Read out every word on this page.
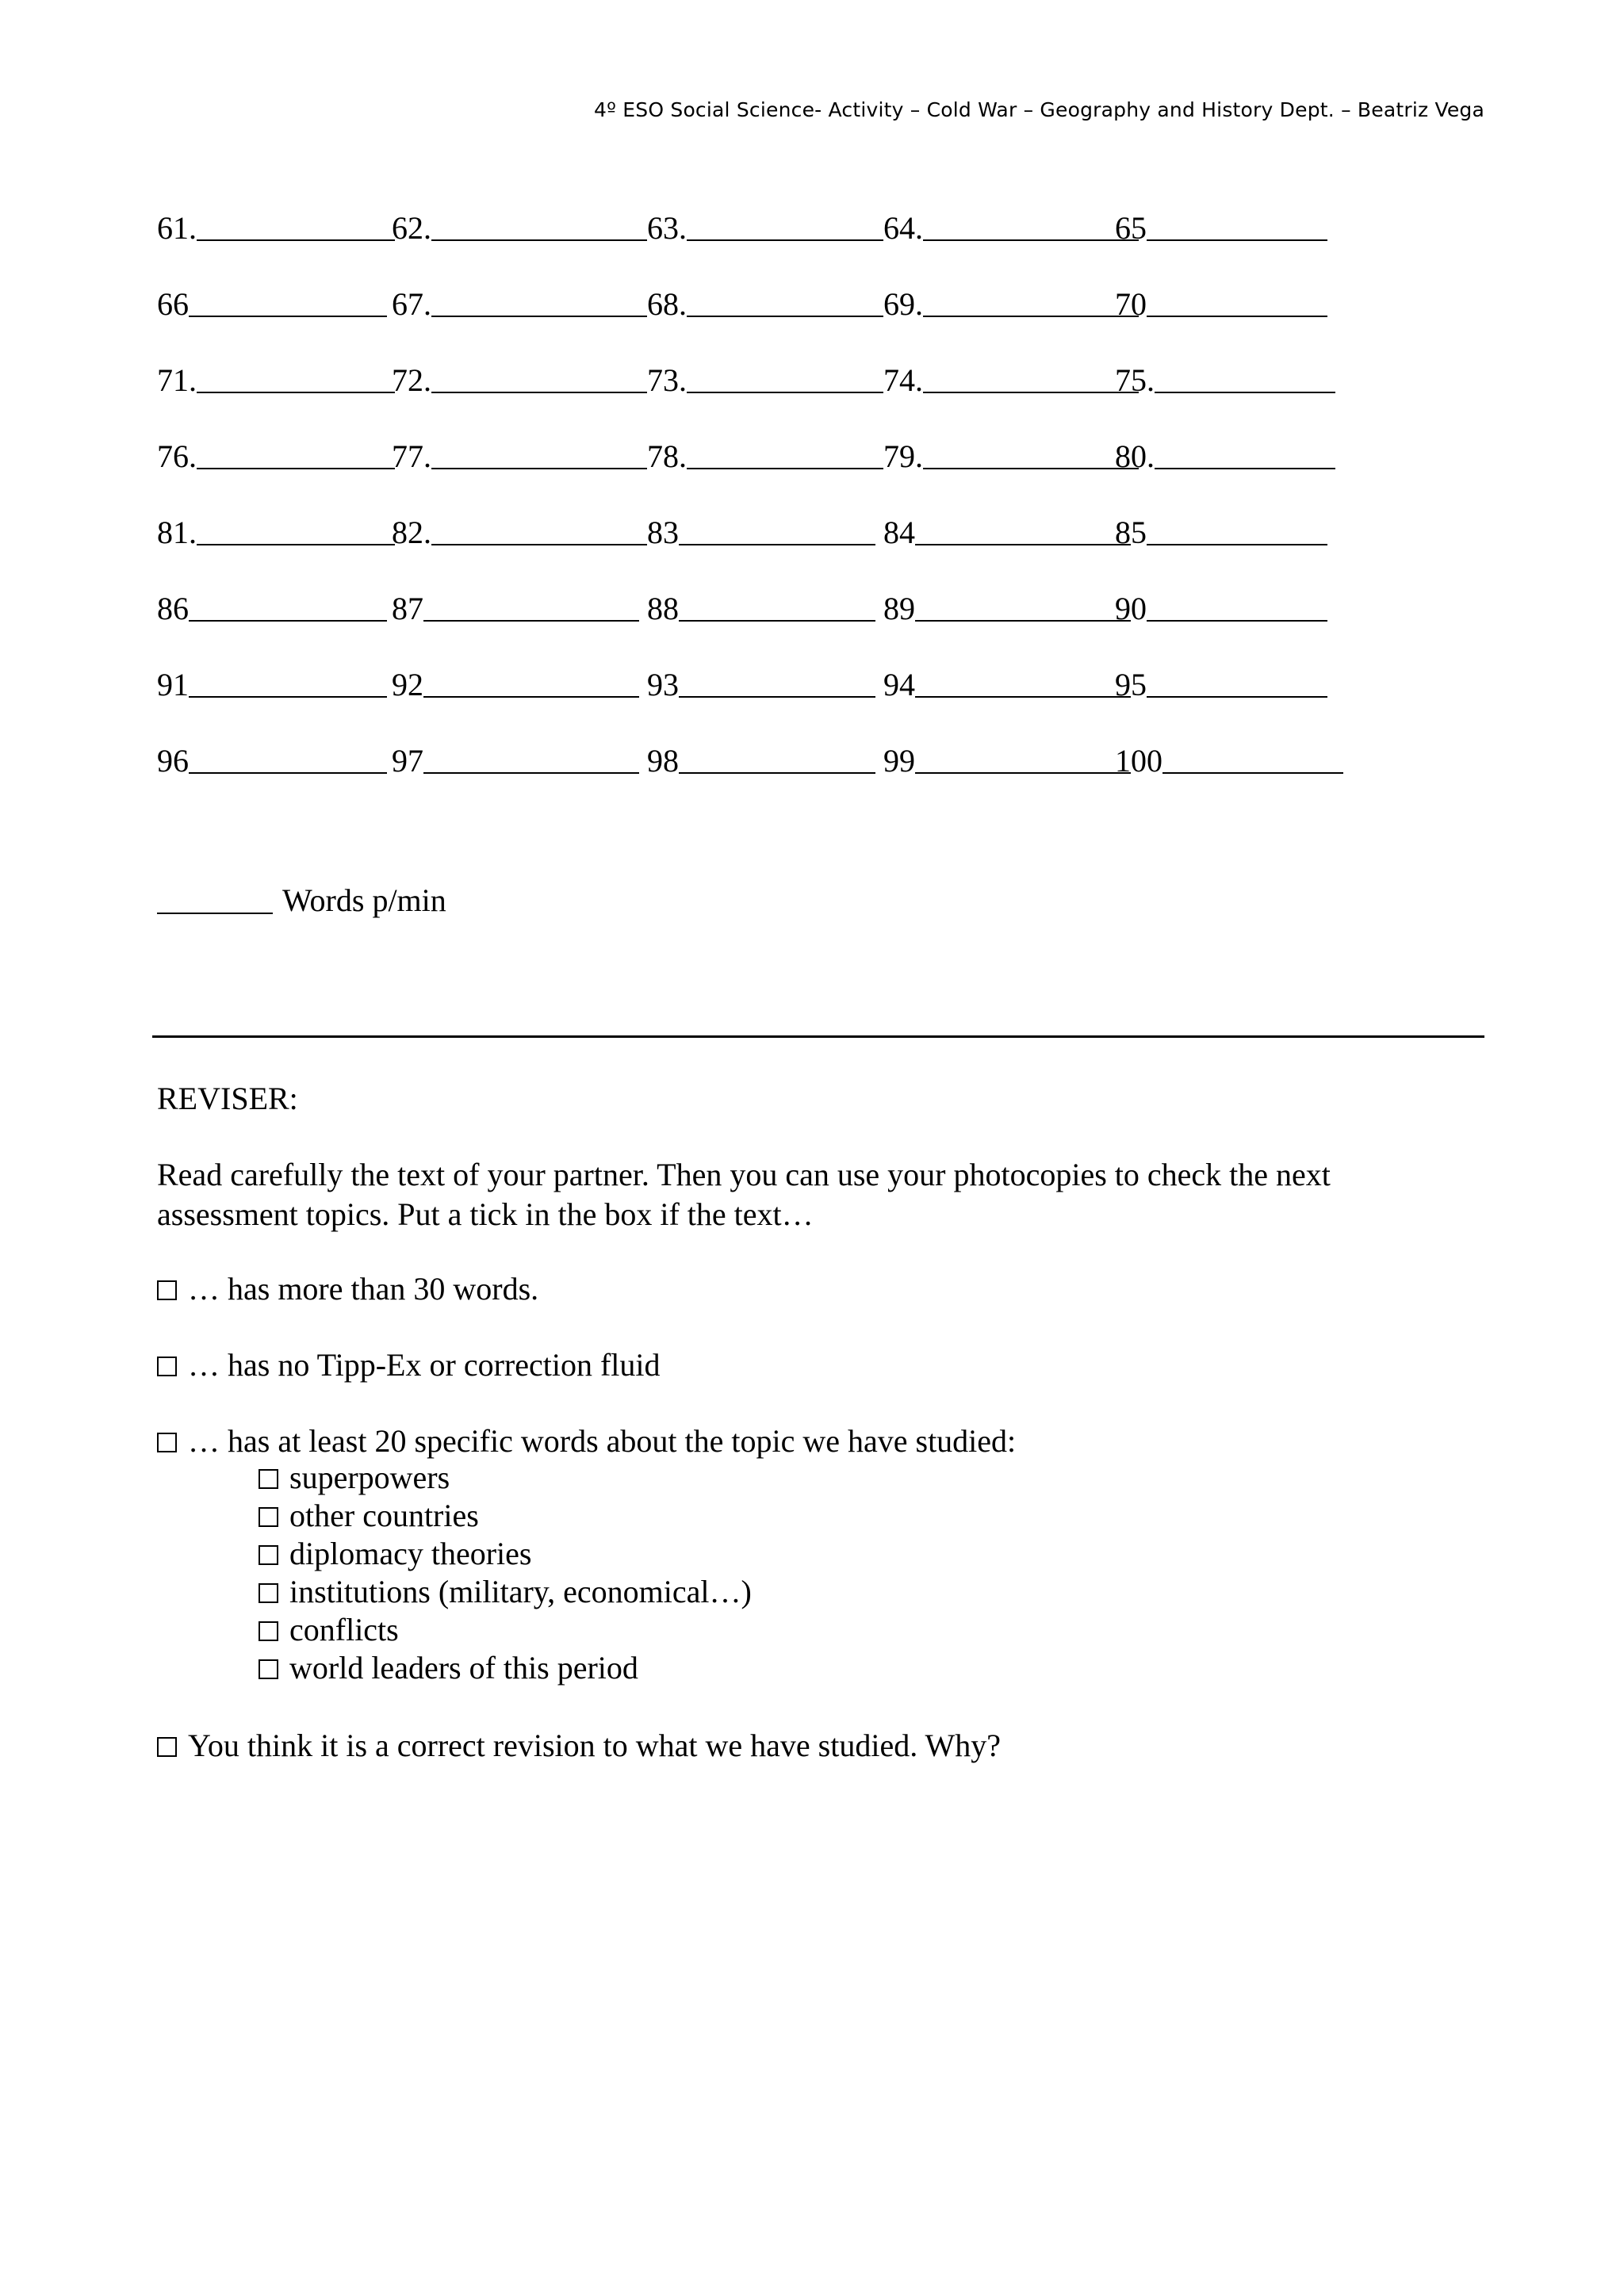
4º ESO Social Science- Activity – Cold War – Geography and History Dept. – Beatriz Vega
61.	62.	63.	64.	65
66	67.	68.	69.	70
71.	72.	73.	74.	75.
76.	77.	78.	79.	80.
81.	82.	83	84	85
86	87	88	89	90
91	92	93	94	95
96	97	98	99	100
Words p/min
REVISER:
Read carefully the text of your partner. Then you can use your photocopies to check the next
assessment topics. Put a tick in the box if the text…
… has more than 30 words.
… has no Tipp-Ex or correction fluid
… has at least 20 specific words about the topic we have studied:
superpowers
other countries
diplomacy theories
institutions (military, economical…)
conflicts
world leaders of this period
You think it is a correct revision to what we have studied. Why?
